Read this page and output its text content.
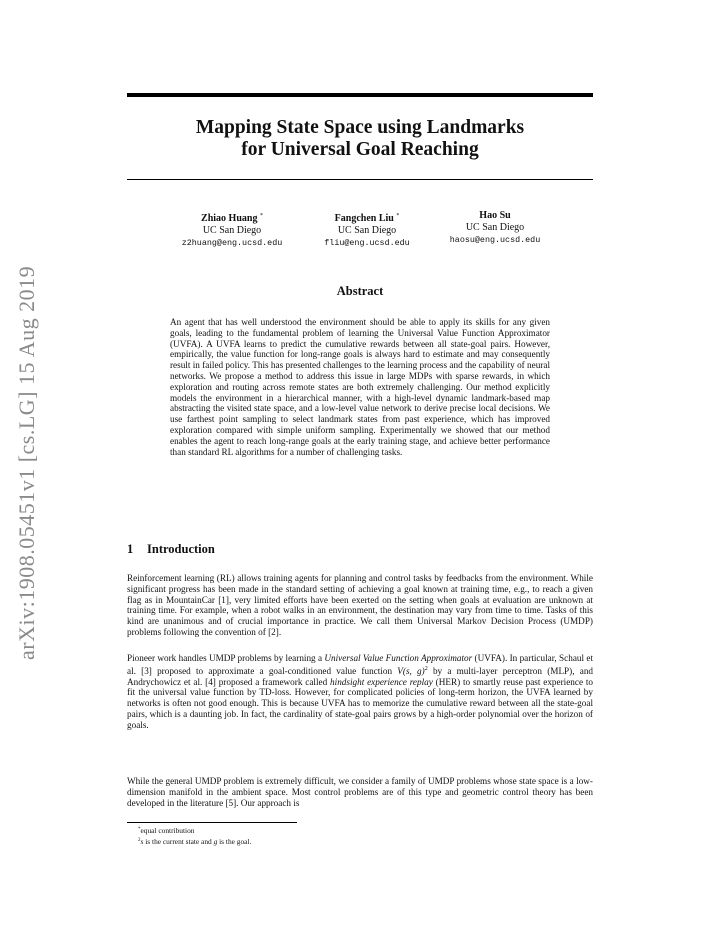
arXiv:1908.05451v1 [cs.LG] 15 Aug 2019
Mapping State Space using Landmarks
for Universal Goal Reaching
Zhiao Huang *
UC San Diego
z2huang@eng.ucsd.edu
Fangchen Liu *
UC San Diego
fliu@eng.ucsd.edu
Hao Su
UC San Diego
haosu@eng.ucsd.edu
Abstract
An agent that has well understood the environment should be able to apply its skills for any given goals, leading to the fundamental problem of learning the Universal Value Function Approximator (UVFA). A UVFA learns to predict the cumulative rewards between all state-goal pairs. However, empirically, the value function for long-range goals is always hard to estimate and may consequently result in failed policy. This has presented challenges to the learning process and the capability of neural networks. We propose a method to address this issue in large MDPs with sparse rewards, in which exploration and routing across remote states are both extremely challenging. Our method explicitly models the environment in a hierarchical manner, with a high-level dynamic landmark-based map abstracting the visited state space, and a low-level value network to derive precise local decisions. We use farthest point sampling to select landmark states from past experience, which has improved exploration compared with simple uniform sampling. Experimentally we showed that our method enables the agent to reach long-range goals at the early training stage, and achieve better performance than standard RL algorithms for a number of challenging tasks.
1 Introduction

Reinforcement learning (RL) allows training agents for planning and control tasks by feedbacks from the environment. While significant progress has been made in the standard setting of achieving a goal known at training time, e.g., to reach a given flag as in MountainCar [1], very limited efforts have been exerted on the setting when goals at evaluation are unknown at training time. For example, when a robot walks in an environment, the destination may vary from time to time. Tasks of this kind are unanimous and of crucial importance in practice. We call them Universal Markov Decision Process (UMDP) problems following the convention of [2].

Pioneer work handles UMDP problems by learning a Universal Value Function Approximator (UVFA). In particular, Schaul et al. [3] proposed to approximate a goal-conditioned value function V(s, g)$^2$ by a multi-layer perceptron (MLP), and Andrychowicz et al. [4] proposed a framework called hindsight experience replay (HER) to smartly reuse past experience to fit the universal value function by TD-loss. However, for complicated policies of long-term horizon, the UVFA learned by networks is often not good enough. This is because UVFA has to memorize the cumulative reward between all the state-goal pairs, which is a daunting job. In fact, the cardinality of state-goal pairs grows by a high-order polynomial over the horizon of goals.

While the general UMDP problem is extremely difficult, we consider a family of UMDP problems whose state space is a low-dimension manifold in the ambient space. Most control problems are of this type and geometric control theory has been developed in the literature [5]. Our approach is

*equal contribution
$^2$s is the current state and g is the goal.
